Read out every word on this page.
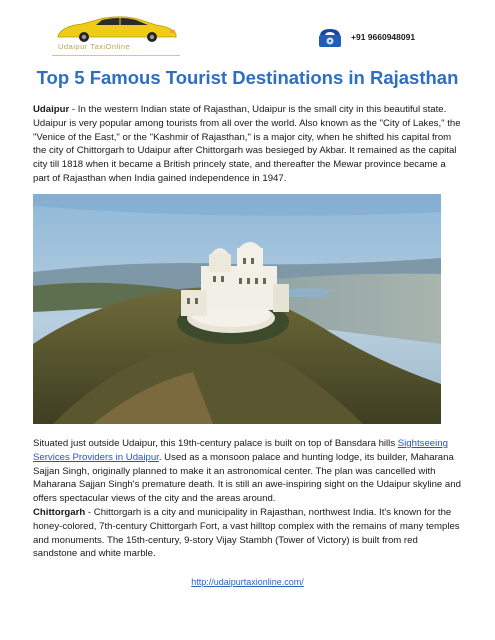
Udaipur TaxiOnline
+91 9660948091
Top 5 Famous Tourist Destinations in Rajasthan

Udaipur - In the western Indian state of Rajasthan, Udaipur is the small city in this beautiful state. Udaipur is very popular among tourists from all over the world. Also known as the "City of Lakes," the "Venice of the East," or the "Kashmir of Rajasthan," is a major city, when he shifted his capital from the city of Chittorgarh to Udaipur after Chittorgarh was besieged by Akbar. It remained as the capital city till 1818 when it became a British princely state, and thereafter the Mewar province became a part of Rajasthan when India gained independence in 1947.

Situated just outside Udaipur, this 19th-century palace is built on top of Bansdara hills Sightseeing Services Providers in Udaipur. Used as a monsoon palace and hunting lodge, its builder, Maharana Sajjan Singh, originally planned to make it an astronomical center. The plan was cancelled with Maharana Sajjan Singh's premature death. It is still an awe-inspiring sight on the Udaipur skyline and offers spectacular views of the city and the areas around.

Chittorgarh - Chittorgarh is a city and municipality in Rajasthan, northwest India. It's known for the honey-colored, 7th-century Chittorgarh Fort, a vast hilltop complex with the remains of many temples and monuments. The 15th-century, 9-story Vijay Stambh (Tower of Victory) is built from red sandstone and white marble.

http://udaipurtaxionline.com/
